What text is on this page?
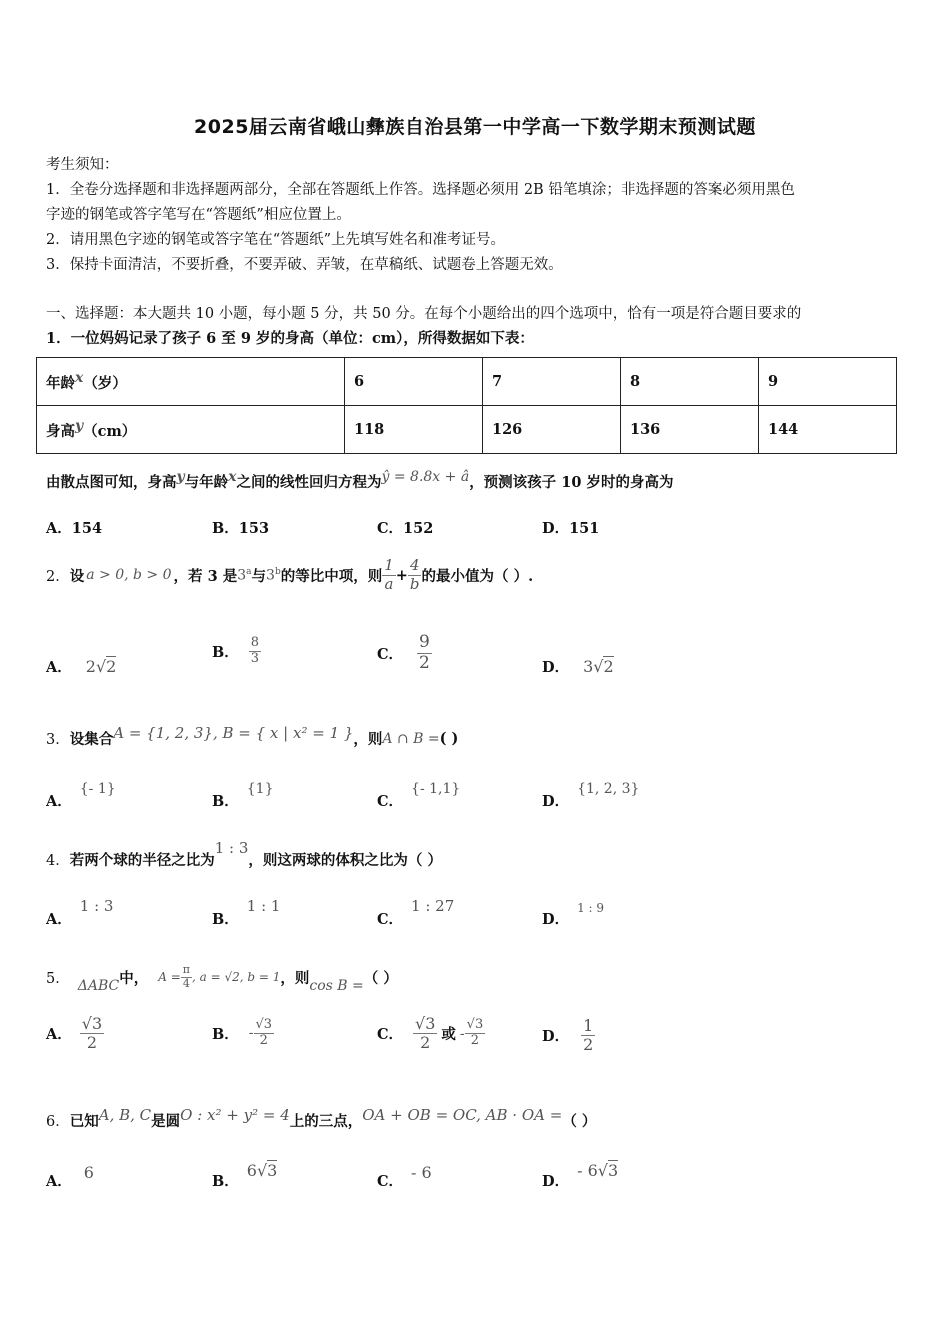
2025届云南省峨山彝族自治县第一中学高一下数学期末预测试题
考生须知：
1．全卷分选择题和非选择题两部分，全部在答题纸上作答。选择题必须用 2B 铅笔填涂；非选择题的答案必须用黑色
字迹的钢笔或答字笔写在“答题纸”相应位置上。
2．请用黑色字迹的钢笔或答字笔在“答题纸”上先填写姓名和准考证号。
3．保持卡面清洁，不要折叠，不要弄破、弄皱，在草稿纸、试题卷上答题无效。
一、选择题：本大题共 10 小题，每小题 5 分，共 50 分。在每个小题给出的四个选项中，恰有一项是符合题目要求的
1．一位妈妈记录了孩子 6 至 9 岁的身高（单位：cm），所得数据如下表：
年龄$^x$（岁）	6	7	8	9
身高$^y$（cm）	118	126	136	144
由散点图可知，身高$^y$与年龄$^x$之间的线性回归方程为ŷ = 8.8x + â，预测该孩子 10 岁时的身高为
A．154	B．153	C．152	D．151
2． 设 a > 0, b > 0 ，若 3 是 3$^a$ 与 3$^b$ 的等比中项，则 $\frac{1}{a} + \frac{4}{b}$ 的最小值为（ ）.
A． 2√2
B． $\frac{8}{3}$	C． $\frac{9}{2}$	D． 3√2
3． 设集合 A = {1, 2, 3}, B = { x | x² = 1 } ，则 A ∩ B = ( )
A．{- 1}
B．{1}
C．{- 1,1}
D．{1, 2, 3}
4．若两个球的半径之比为1 : 3，则这两球的体积之比为（ ）
A．1 : 3
B．1 : 1
C．1 : 27
D．$^{1 : 9}$
5． ΔABC 中， $A = \frac{\pi}{4}$ , a = √2, b = 1 ，则 cos B = （ ）
A． $\frac{√3}{2}$	B． - $\frac{√3}{2}$	C． $\frac{√3}{2}$ 或 - $\frac{√3}{2}$	D． $\frac{1}{2}$
6．已知A, B, C是圆O : x² + y² = 4上的三点，OA + OB = OC, AB · OA =（ ）
A． 6	B．6√3
C． - 6	D．- 6√3
